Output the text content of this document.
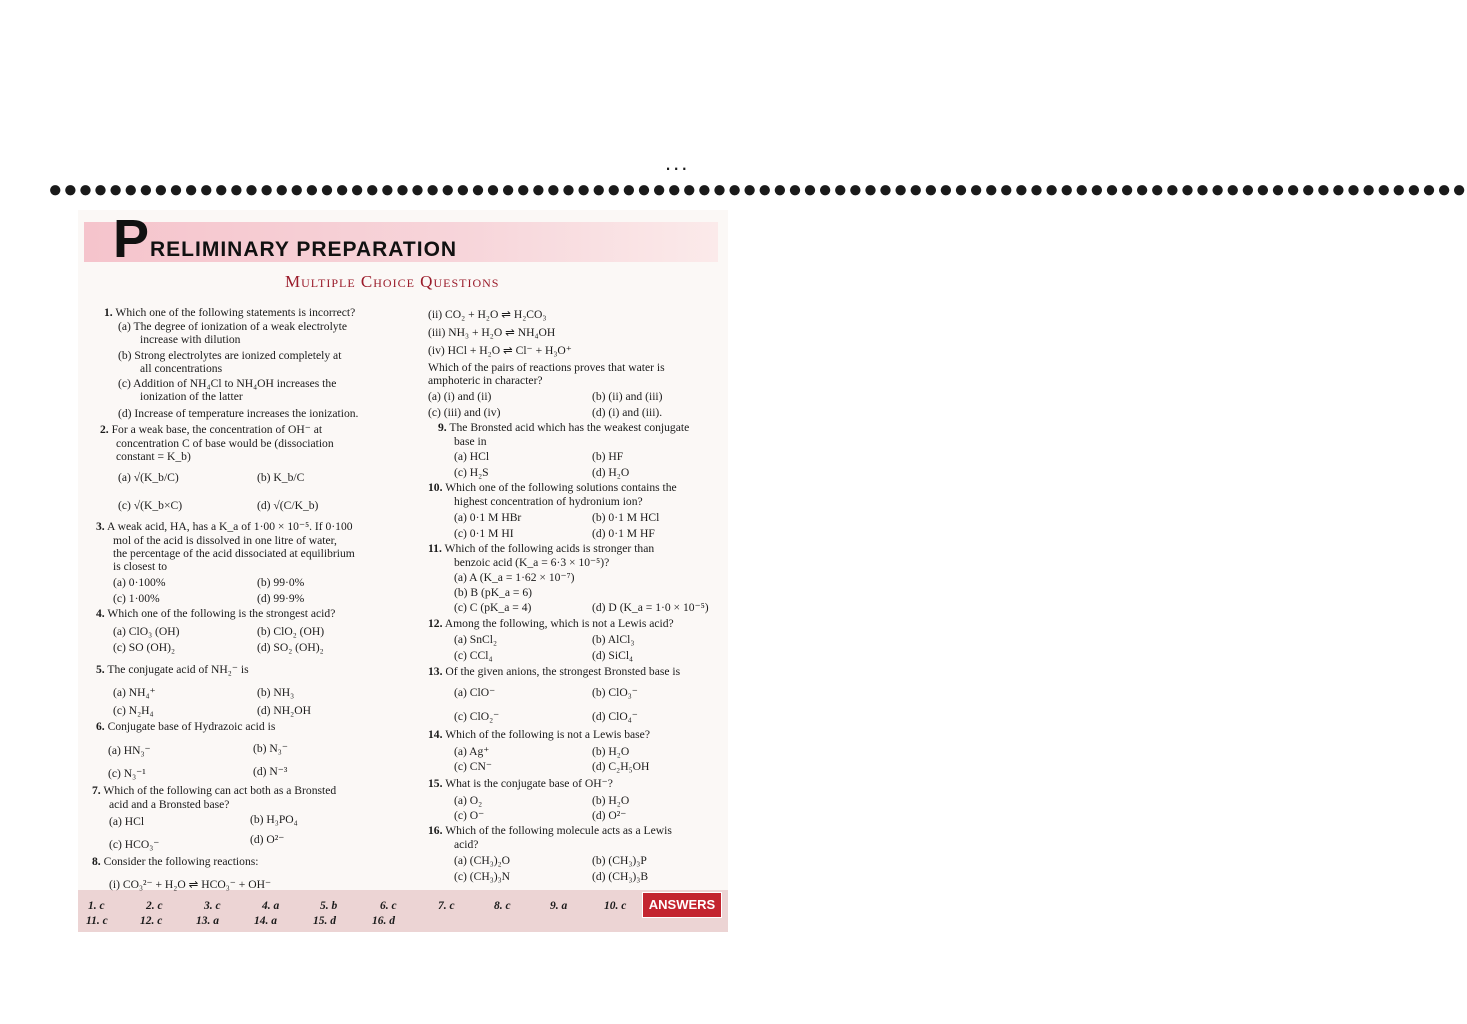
...
●●●●●●●●●●●●●●●●●●●●●●●●●●●●●●●●●●●●●●●●●●●●●●●●●●●●●●●●●●●●●●●●●●●●●●●●●●●●●●●●●●●●●●●●●●●●●●
P RELIMINARY PREPARATION
Multiple Choice Questions
ANSWERS
1. Which one of the following statements is incorrect?
(a) The degree of ionization of a weak electrolyte
increase with dilution
(b) Strong electrolytes are ionized completely at
all concentrations
(c) Addition of NH₄Cl to NH₄OH increases the
ionization of the latter
(d) Increase of temperature increases the ionization.
2. For a weak base, the concentration of OH⁻ at
concentration C of base would be (dissociation
constant = K_b)
(a) √(K_b/C)	(b) K_b/C
(c) √(K_b×C)	(d) √(C/K_b)
3. A weak acid, HA, has a K_a of 1·00 × 10⁻⁵. If 0·100
mol of the acid is dissolved in one litre of water,
the percentage of the acid dissociated at equilibrium
is closest to
(a) 0·100%	(b) 99·0%
(c) 1·00%	(d) 99·9%
4. Which one of the following is the strongest acid?
(a) ClO₃ (OH)	(b) ClO₂ (OH)
(c) SO (OH)₂	(d) SO₂ (OH)₂
5. The conjugate acid of NH₂⁻ is
(a) NH₄⁺	(b) NH₃
(c) N₂H₄	(d) NH₂OH
6. Conjugate base of Hydrazoic acid is
(a) HN₃⁻	(b) N₃⁻
(c) N₃⁻¹	(d) N⁻³
7. Which of the following can act both as a Bronsted
acid and a Bronsted base?
(a) HCl	(b) H₃PO₄
(c) HCO₃⁻	(d) O²⁻
8. Consider the following reactions:
(i) CO₃²⁻ + H₂O ⇌ HCO₃⁻ + OH⁻
(ii) CO₂ + H₂O ⇌ H₂CO₃
(iii) NH₃ + H₂O ⇌ NH₄OH
(iv) HCl + H₂O ⇌ Cl⁻ + H₃O⁺
Which of the pairs of reactions proves that water is
amphoteric in character?
(a) (i) and (ii)	(b) (ii) and (iii)
(c) (iii) and (iv)	(d) (i) and (iii).
9. The Bronsted acid which has the weakest conjugate
base in
(a) HCl	(b) HF
(c) H₂S	(d) H₂O
10. Which one of the following solutions contains the
highest concentration of hydronium ion?
(a) 0·1 M HBr	(b) 0·1 M HCl
(c) 0·1 M HI	(d) 0·1 M HF
11. Which of the following acids is stronger than
benzoic acid (K_a = 6·3 × 10⁻⁵)?
(a) A (K_a = 1·62 × 10⁻⁷)
(b) B (pK_a = 6)
(c) C (pK_a = 4)	(d) D (K_a = 1·0 × 10⁻⁵)
12. Among the following, which is not a Lewis acid?
(a) SnCl₂	(b) AlCl₃
(c) CCl₄	(d) SiCl₄
13. Of the given anions, the strongest Bronsted base is
(a) ClO⁻	(b) ClO₃⁻
(c) ClO₂⁻	(d) ClO₄⁻
14. Which of the following is not a Lewis base?
(a) Ag⁺	(b) H₂O
(c) CN⁻	(d) C₂H₅OH
15. What is the conjugate base of OH⁻?
(a) O₂	(b) H₂O
(c) O⁻	(d) O²⁻
16. Which of the following molecule acts as a Lewis
acid?
(a) (CH₃)₂O	(b) (CH₃)₃P
(c) (CH₃)₃N	(d) (CH₃)₃B
1. c	2. c	3. c	4. a	5. b	6. c	7. c	8. c	9. a	10. c
11. c	12. c	13. a	14. a	15. d	16. d
